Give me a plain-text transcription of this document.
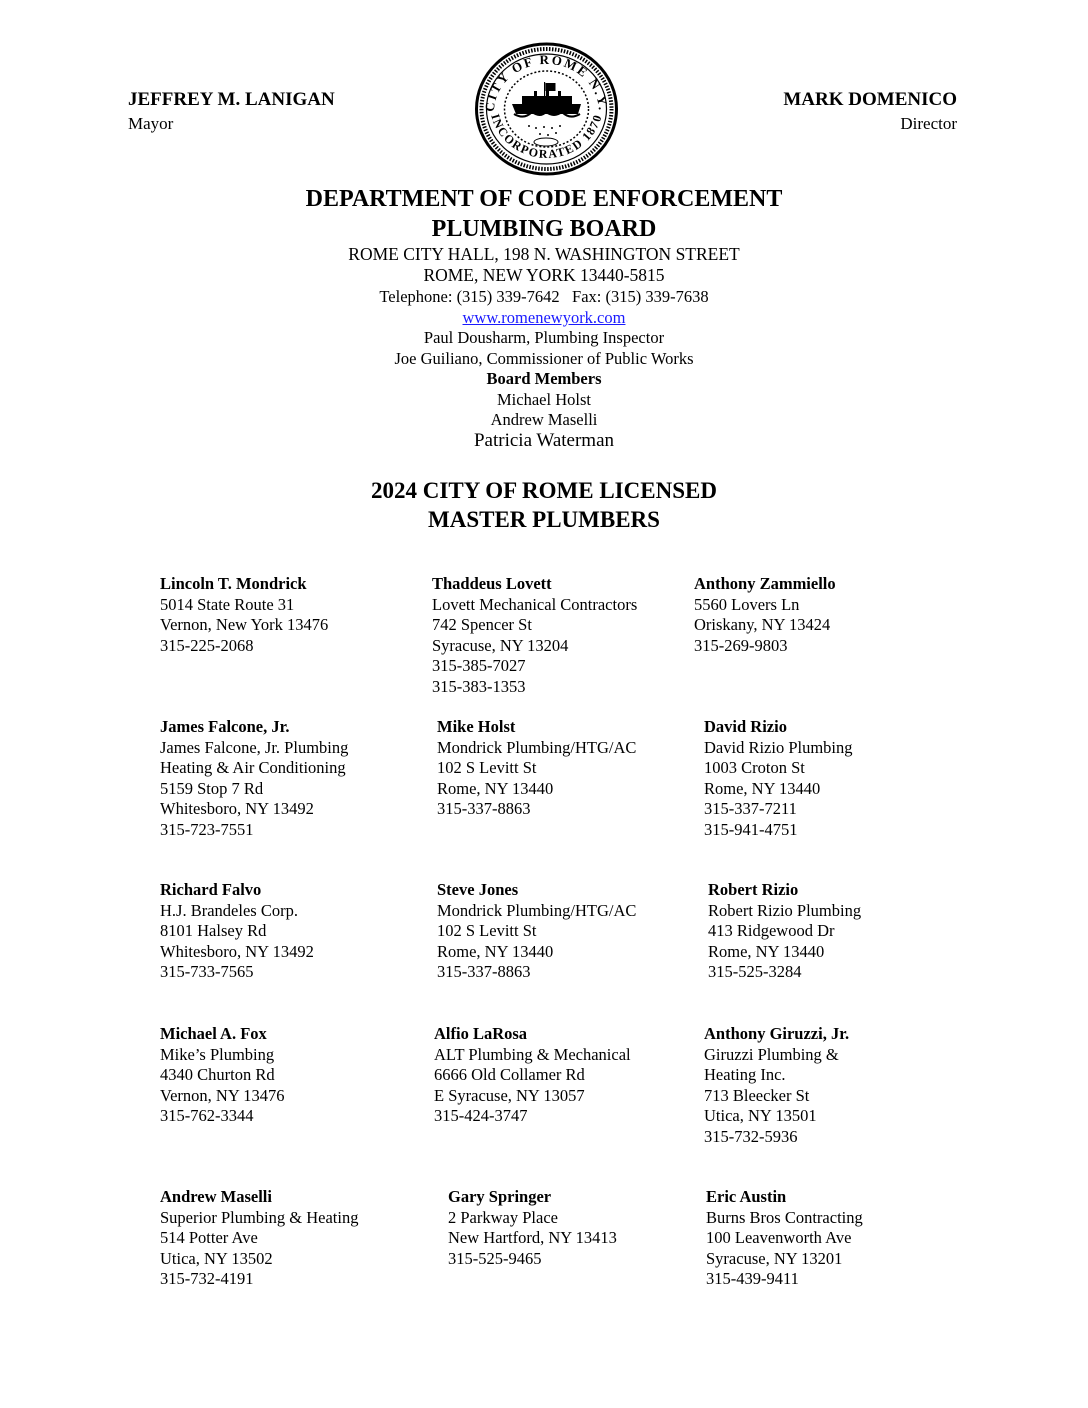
JEFFREY M. LANIGAN
Mayor
MARK DOMENICO
Director
CITY OF ROME N.Y.
INCORPORATED 1870
DEPARTMENT OF CODE ENFORCEMENT
PLUMBING BOARD
ROME CITY HALL, 198 N. WASHINGTON STREET
ROME, NEW YORK 13440-5815
Telephone: (315) 339-7642   Fax: (315) 339-7638
www.romenewyork.com
Paul Dousharm, Plumbing Inspector
Joe Guiliano, Commissioner of Public Works
Board Members
Michael Holst
Andrew Maselli
Patricia Waterman
2024 CITY OF ROME LICENSED
MASTER PLUMBERS
Lincoln T. Mondrick
5014 State Route 31
Vernon, New York 13476
315-225-2068
Thaddeus Lovett
Lovett Mechanical Contractors
742 Spencer St
Syracuse, NY 13204
315-385-7027
315-383-1353
Anthony Zammiello
5560 Lovers Ln
Oriskany, NY 13424
315-269-9803
James Falcone, Jr.
James Falcone, Jr. Plumbing
Heating & Air Conditioning
5159 Stop 7 Rd
Whitesboro, NY 13492
315-723-7551
Mike Holst
Mondrick Plumbing/HTG/AC
102 S Levitt St
Rome, NY 13440
315-337-8863
David Rizio
David Rizio Plumbing
1003 Croton St
Rome, NY 13440
315-337-7211
315-941-4751
Richard Falvo
H.J. Brandeles Corp.
8101 Halsey Rd
Whitesboro, NY 13492
315-733-7565
Steve Jones
Mondrick Plumbing/HTG/AC
102 S Levitt St
Rome, NY 13440
315-337-8863
Robert Rizio
Robert Rizio Plumbing
413 Ridgewood Dr
Rome, NY 13440
315-525-3284
Michael A. Fox
Mike’s Plumbing
4340 Churton Rd
Vernon, NY 13476
315-762-3344
Alfio LaRosa
ALT Plumbing & Mechanical
6666 Old Collamer Rd
E Syracuse, NY 13057
315-424-3747
Anthony Giruzzi, Jr.
Giruzzi Plumbing &
Heating Inc.
713 Bleecker St
Utica, NY 13501
315-732-5936
Andrew Maselli
Superior Plumbing & Heating
514 Potter Ave
Utica, NY 13502
315-732-4191
Gary Springer
2 Parkway Place
New Hartford, NY 13413
315-525-9465
Eric Austin
Burns Bros Contracting
100 Leavenworth Ave
Syracuse, NY 13201
315-439-9411
